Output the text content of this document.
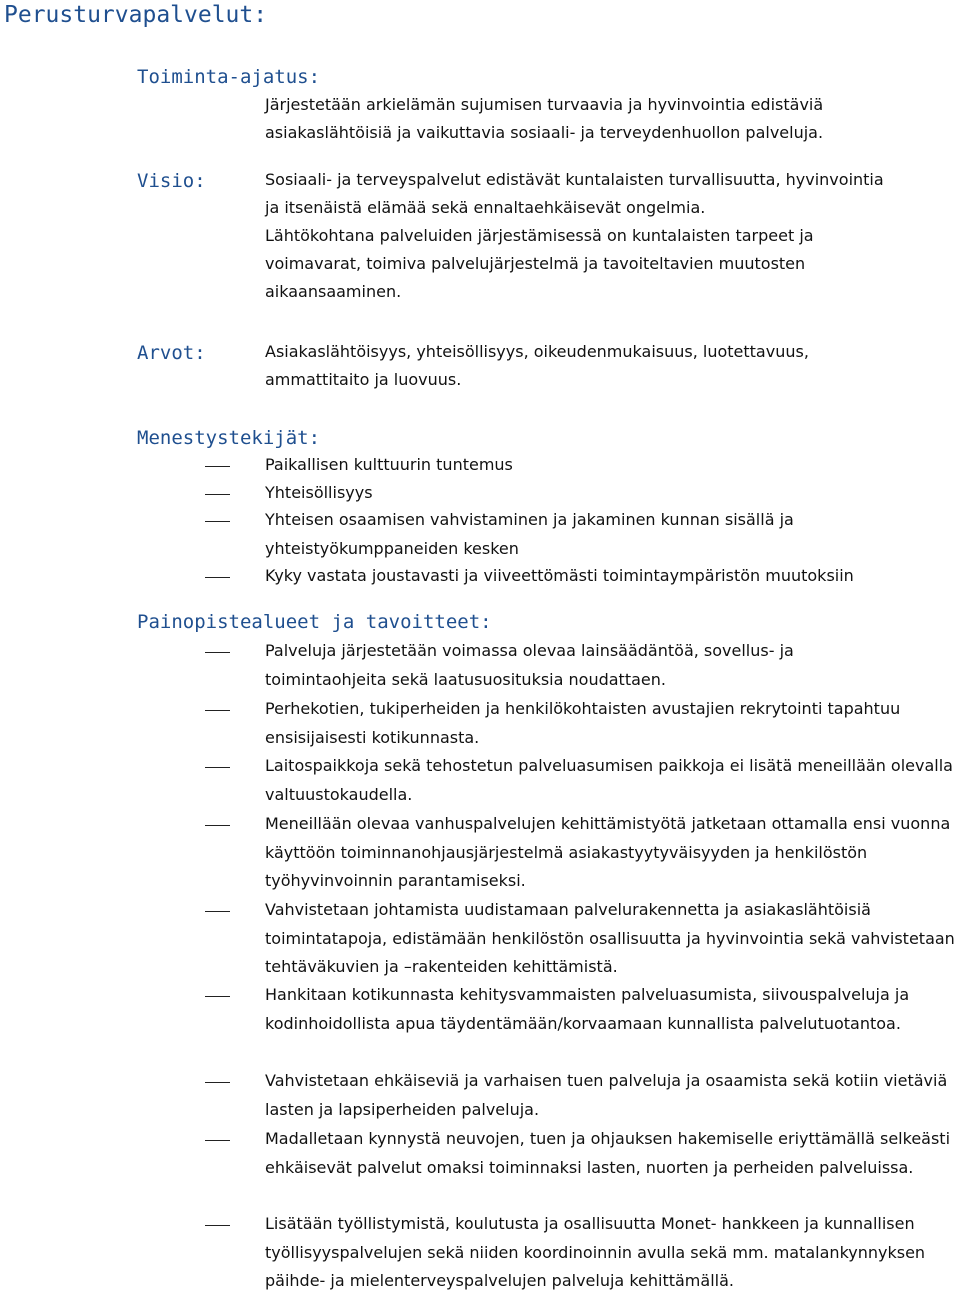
Perusturvapalvelut:
Toiminta-ajatus:
Järjestetään arkielämän sujumisen turvaavia ja hyvinvointia edistäviä asiakaslähtöisiä ja vaikuttavia sosiaali- ja terveydenhuollon palveluja.
Visio:	Sosiaali- ja terveyspalvelut edistävät kuntalaisten turvallisuutta, hyvinvointia ja itsenäistä elämää sekä ennaltaehkäisevät ongelmia.
Lähtökohtana palveluiden järjestämisessä on kuntalaisten tarpeet ja voimavarat, toimiva palvelujärjestelmä ja tavoiteltavien muutosten aikaansaaminen.
Arvot:	Asiakaslähtöisyys, yhteisöllisyys, oikeudenmukaisuus, luotettavuus, ammattitaito ja luovuus.
Menestystekijät:
Paikallisen kulttuurin tuntemus
Yhteisöllisyys
Yhteisen osaamisen vahvistaminen ja jakaminen kunnan sisällä ja yhteistyökumppaneiden kesken
Kyky vastata joustavasti ja viiveettömästi toimintaympäristön muutoksiin
Painopistealueet ja tavoitteet:
Palveluja järjestetään voimassa olevaa lainsäädäntöä, sovellus- ja toimintaohjeita sekä laatusuosituksia noudattaen.
Perhekotien, tukiperheiden ja henkilökohtaisten avustajien rekrytointi tapahtuu ensisijaisesti kotikunnasta.
Laitospaikkoja sekä tehostetun palveluasumisen paikkoja ei lisätä meneillään olevalla valtuustokaudella.
Meneillään olevaa vanhuspalvelujen kehittämistyötä jatketaan ottamalla ensi vuonna käyttöön toiminnanohjausjärjestelmä asiakastyytyväisyyden ja henkilöstön työhyvinvoinnin parantamiseksi.
Vahvistetaan johtamista uudistamaan palvelurakennetta ja asiakaslähtöisiä toimintatapoja, edistämään henkilöstön osallisuutta ja hyvinvointia sekä vahvistetaan tehtäväkuvien ja –rakenteiden kehittämistä.
Hankitaan kotikunnasta kehitysvammaisten palveluasumista, siivouspalveluja ja kodinhoidollista apua täydentämään/korvaamaan kunnallista palvelutuotantoa.
Vahvistetaan ehkäiseviä ja varhaisen tuen palveluja ja osaamista sekä kotiin vietäviä lasten ja lapsiperheiden palveluja.
Madalletaan kynnystä neuvojen, tuen ja ohjauksen hakemiselle eriyttämällä selkeästi ehkäisevät palvelut omaksi toiminnaksi lasten, nuorten ja perheiden palveluissa.
Lisätään työllistymistä, koulutusta ja osallisuutta Monet- hankkeen ja kunnallisen työllisyyspalvelujen sekä niiden koordinoinnin avulla sekä mm. matalankynnyksen päihde- ja mielenterveyspalvelujen palveluja kehittämällä.
